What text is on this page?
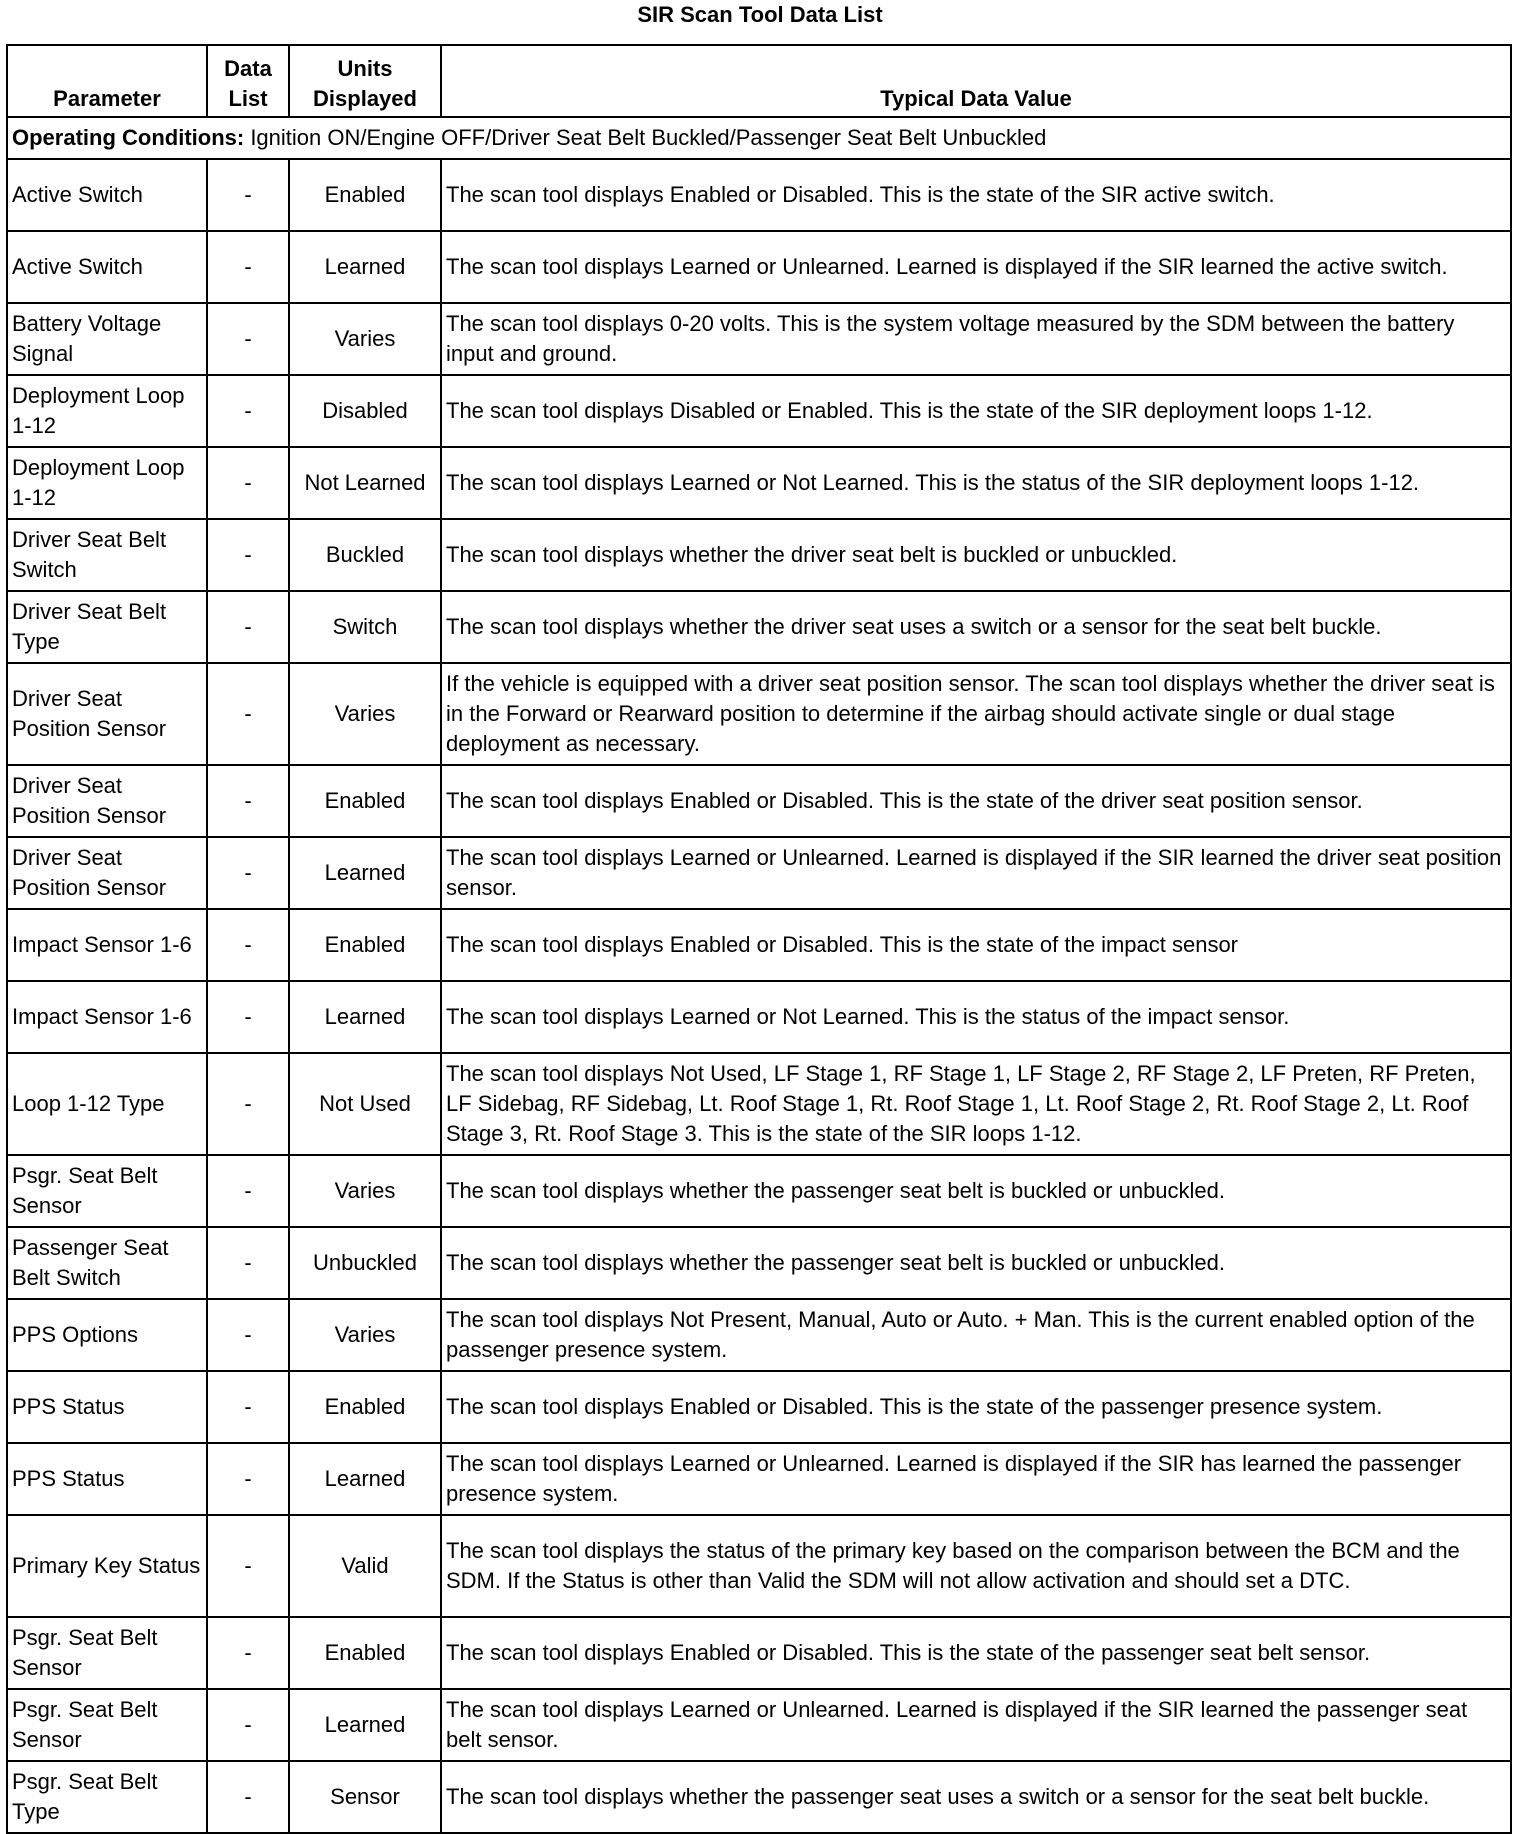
SIR Scan Tool Data List
Parameter	Data List	Units Displayed	Typical Data Value
Operating Conditions: Ignition ON/Engine OFF/Driver Seat Belt Buckled/Passenger Seat Belt Unbuckled			
Active Switch	-	Enabled	The scan tool displays Enabled or Disabled. This is the state of the SIR active switch.
Active Switch	-	Learned	The scan tool displays Learned or Unlearned. Learned is displayed if the SIR learned the active switch.
Battery Voltage Signal	-	Varies	The scan tool displays 0-20 volts. This is the system voltage measured by the SDM between the battery input and ground.
Deployment Loop 1-12	-	Disabled	The scan tool displays Disabled or Enabled. This is the state of the SIR deployment loops 1-12.
Deployment Loop 1-12	-	Not Learned	The scan tool displays Learned or Not Learned. This is the status of the SIR deployment loops 1-12.
Driver Seat Belt Switch	-	Buckled	The scan tool displays whether the driver seat belt is buckled or unbuckled.
Driver Seat Belt Type	-	Switch	The scan tool displays whether the driver seat uses a switch or a sensor for the seat belt buckle.
Driver Seat Position Sensor	-	Varies	If the vehicle is equipped with a driver seat position sensor. The scan tool displays whether the driver seat is in the Forward or Rearward position to determine if the airbag should activate single or dual stage deployment as necessary.
Driver Seat Position Sensor	-	Enabled	The scan tool displays Enabled or Disabled. This is the state of the driver seat position sensor.
Driver Seat Position Sensor	-	Learned	The scan tool displays Learned or Unlearned. Learned is displayed if the SIR learned the driver seat position sensor.
Impact Sensor 1-6	-	Enabled	The scan tool displays Enabled or Disabled. This is the state of the impact sensor
Impact Sensor 1-6	-	Learned	The scan tool displays Learned or Not Learned. This is the status of the impact sensor.
Loop 1-12 Type	-	Not Used	The scan tool displays Not Used, LF Stage 1, RF Stage 1, LF Stage 2, RF Stage 2, LF Preten, RF Preten, LF Sidebag, RF Sidebag, Lt. Roof Stage 1, Rt. Roof Stage 1, Lt. Roof Stage 2, Rt. Roof Stage 2, Lt. Roof Stage 3, Rt. Roof Stage 3. This is the state of the SIR loops 1-12.
Psgr. Seat Belt Sensor	-	Varies	The scan tool displays whether the passenger seat belt is buckled or unbuckled.
Passenger Seat Belt Switch	-	Unbuckled	The scan tool displays whether the passenger seat belt is buckled or unbuckled.
PPS Options	-	Varies	The scan tool displays Not Present, Manual, Auto or Auto. + Man. This is the current enabled option of the passenger presence system.
PPS Status	-	Enabled	The scan tool displays Enabled or Disabled. This is the state of the passenger presence system.
PPS Status	-	Learned	The scan tool displays Learned or Unlearned. Learned is displayed if the SIR has learned the passenger presence system.
Primary Key Status	-	Valid	The scan tool displays the status of the primary key based on the comparison between the BCM and the SDM. If the Status is other than Valid the SDM will not allow activation and should set a DTC.
Psgr. Seat Belt Sensor	-	Enabled	The scan tool displays Enabled or Disabled. This is the state of the passenger seat belt sensor.
Psgr. Seat Belt Sensor	-	Learned	The scan tool displays Learned or Unlearned. Learned is displayed if the SIR learned the passenger seat belt sensor.
Psgr. Seat Belt Type	-	Sensor	The scan tool displays whether the passenger seat uses a switch or a sensor for the seat belt buckle.
